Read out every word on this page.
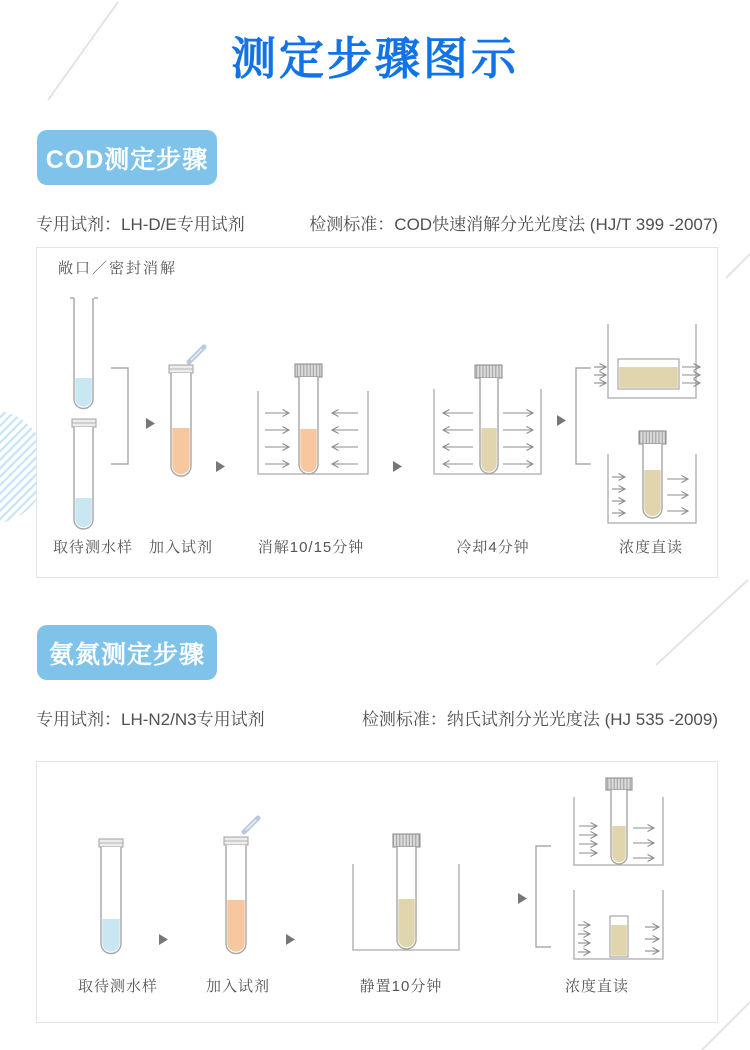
测定步骤图示
COD测定步骤
专用试剂：LH-D/E专用试剂	检测标准：COD快速消解分光光度法 (HJ/T 399 -2007)
敞口／密封消解
取待测水样 加入试剂	消解10/15分钟	冷却4分钟	浓度直读
氨氮测定步骤
专用试剂：LH-N2/N3专用试剂	检测标准：纳氏试剂分光光度法 (HJ 535 -2009)
取待测水样	加入试剂	静置10分钟	浓度直读
